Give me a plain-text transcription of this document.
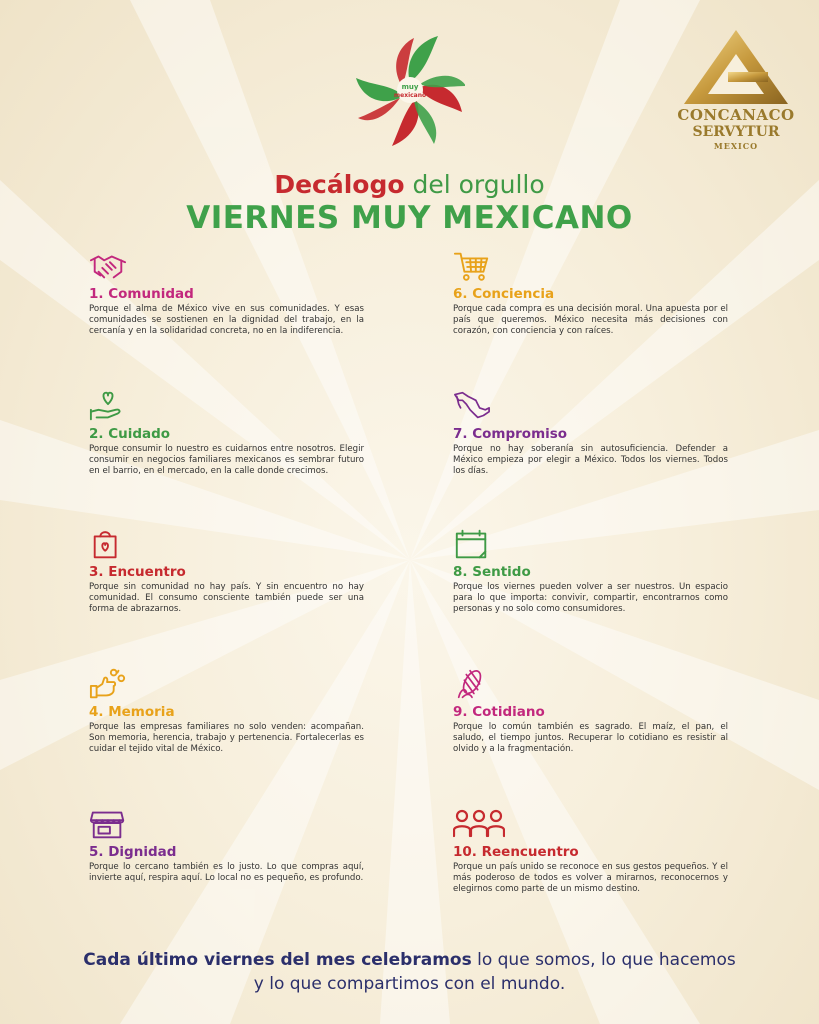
muy
mexicano
CONCANACO
SERVYTUR
MEXICO
Decálogo del orgullo
VIERNES MUY MEXICANO
1. Comunidad

Porque el alma de México vive en sus comunidades. Y esas comunidades se sostienen en la dignidad del trabajo, en la cercanía y en la solidaridad concreta, no en la indiferencia.

2. Cuidado

Porque consumir lo nuestro es cuidarnos entre nosotros. Elegir consumir en negocios familiares mexicanos es sembrar futuro en el barrio, en el mercado, en la calle donde crecimos.

3. Encuentro

Porque sin comunidad no hay país. Y sin encuentro no hay comunidad. El consumo consciente también puede ser una forma de abrazarnos.

4. Memoria

Porque las empresas familiares no solo venden: acompañan. Son memoria, herencia, trabajo y pertenencia. Fortalecerlas es cuidar el tejido vital de México.

5. Dignidad

Porque lo cercano también es lo justo. Lo que compras aquí, invierte aquí, respira aquí. Lo local no es pequeño, es profundo.

6. Conciencia

Porque cada compra es una decisión moral. Una apuesta por el país que queremos. México necesita más decisiones con corazón, con conciencia y con raíces.

7. Compromiso

Porque no hay soberanía sin autosuficiencia. Defender a México empieza por elegir a México. Todos los viernes. Todos los días.

8. Sentido

Porque los viernes pueden volver a ser nuestros. Un espacio para lo que importa: convivir, compartir, encontrarnos como personas y no solo como consumidores.

9. Cotidiano

Porque lo común también es sagrado. El maíz, el pan, el saludo, el tiempo juntos. Recuperar lo cotidiano es resistir al olvido y a la fragmentación.

10. Reencuentro

Porque un país unido se reconoce en sus gestos pequeños. Y el más poderoso de todos es volver a mirarnos, reconocernos y elegirnos como parte de un mismo destino.

Cada último viernes del mes celebramos lo que somos, lo que hacemos
y lo que compartimos con el mundo.
